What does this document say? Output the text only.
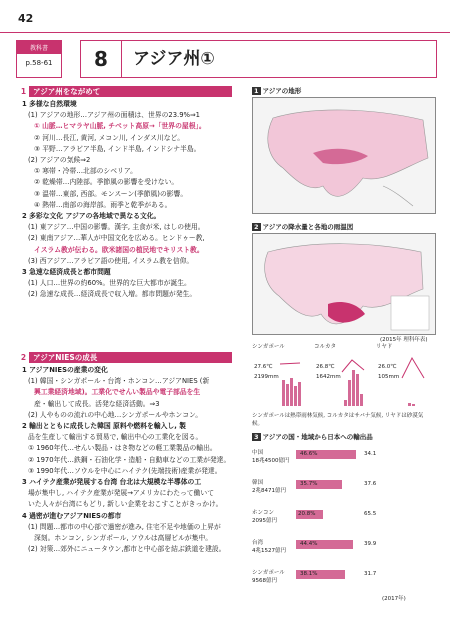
42
教科書
p.58-61	8	アジア州①
1 アジア州をながめて
1 多様な自然環境
(1) アジアの地形…アジア州の面積は、世界の23.9%⇒1
① 山脈…ヒマラヤ山脈, チベット高原→「世界の屋根」。
② 河川…長江, 黄河, メコン川, インダス川など。
③ 平野…アラビア半島, インド半島, インドシナ半島。
(2) アジアの気候⇒2
① 寒帯・冷帯…北部のシベリア。
② 乾燥帯…内陸部。季節風の影響を受けない。
③ 温帯…東部, 西部。モンスーン(季節風)の影響。
④ 熱帯…南部の海岸部。雨季と乾季がある。
2 多彩な文化 アジアの各地域で異なる文化。
(1) 東アジア…中国の影響。漢字, 主食が米, はしの使用。
(2) 東南アジア…華人が中国文化を広める。ヒンドゥー教,
イスラム教が伝わる。欧米諸国の植民地でキリスト教。
(3) 西アジア…アラビア語の使用, イスラム教を信仰。
3 急速な経済成長と都市問題
(1) 人口…世界の約60%。世界的な巨大都市が誕生。
(2) 急速な成長…経済成長で収入増。都市問題が発生。
2 アジアNIESの成長
1 アジアNIESの産業の変化
(1) 韓国・シンガポール・台湾・ホンコン…アジアNIES (新
興工業経済地域)。工業化でせんい製品や電子部品を生
産・輸出して成長。活発な経済活動。⇒3
(2) 人やものの流れの中心地…シンガポールやホンコン。
2 輸出とともに成長した韓国 原料や燃料を輸入し, 製
品を生産して輸出する貿易で, 輸出中心の工業化を図る。
① 1960年代…せんい製品・はき物などの軽工業製品の輸出。
② 1970年代…鉄鋼・石油化学・造船・自動車などの工業が発達。
③ 1990年代…ソウルを中心にハイテク(先端技術)産業が発達。
3 ハイテク産業が発展する台湾 台北は大規模な半導体の工
場が集中し, ハイテク産業が発展→アメリカにわたって働いて
いた人々が台湾にもどり, 新しい企業をおこすことがきっかけ。
4 過密が進むアジアNIESの都市
(1) 問題…都市の中心部で過密が進み, 住宅不足や地価の上昇が
深刻。ホンコン, シンガポール, ソウルは高層ビルが集中。
(2) 対策…郊外にニュータウン,都市と中心部を結ぶ鉄道を建設。
1 アジアの地形
2 アジアの降水量と各地の雨温図
(2015年 理科年表)
シンガポール	コルカタ	リヤド
27.6℃
2199mm
26.8℃
1642mm
26.0℃
105mm
シンガポールは熱帯雨林気候, コルカタはサバナ気候, リヤドは砂漠気候。
3 アジアの国・地域から日本への輸出品
中国
18兆4500億円
46.6%	34.1
韓国
2兆8471億円
35.7%	37.6
ホンコン
2095億円
20.8%	65.5
台湾
4兆1527億円
44.4%	39.9
シンガポール
9568億円
38.1%	31.7
(2017年)
